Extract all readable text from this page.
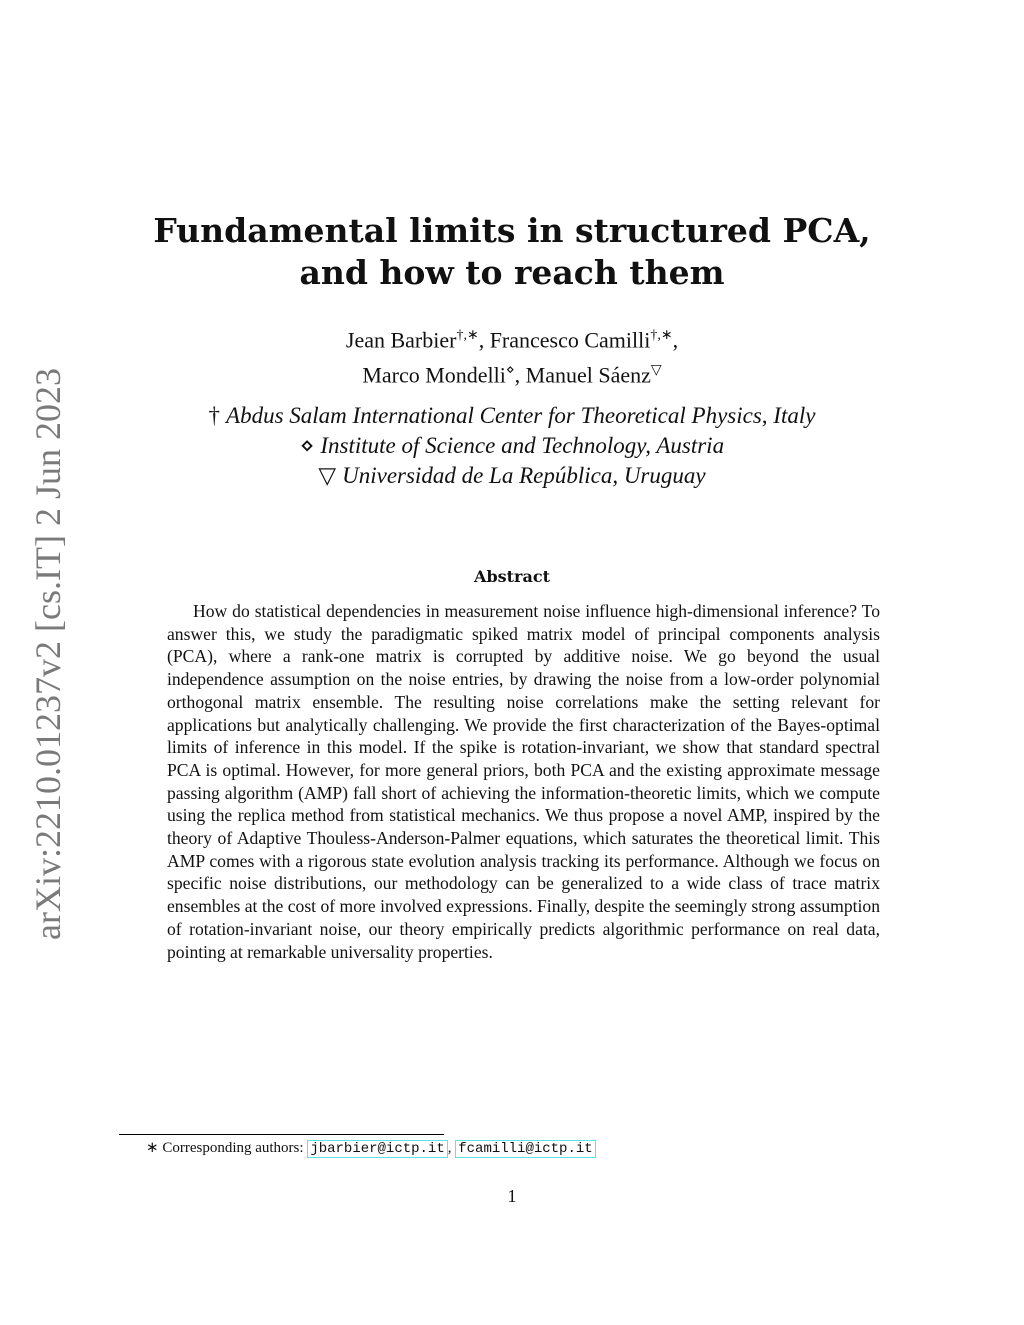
arXiv:2210.01237v2 [cs.IT] 2 Jun 2023
Fundamental limits in structured PCA,
and how to reach them
Jean Barbier†,∗, Francesco Camilli†,∗,
Marco Mondelli⋄, Manuel Sáenz▽
† Abdus Salam International Center for Theoretical Physics, Italy
⋄ Institute of Science and Technology, Austria
▽ Universidad de La República, Uruguay
Abstract
How do statistical dependencies in measurement noise influence high-dimensional inference? To answer this, we study the paradigmatic spiked matrix model of principal components analysis (PCA), where a rank-one matrix is corrupted by additive noise. We go beyond the usual independence assumption on the noise entries, by drawing the noise from a low-order polynomial orthogonal matrix ensemble. The resulting noise correlations make the setting relevant for applications but analytically challenging. We provide the first characterization of the Bayes-optimal limits of inference in this model. If the spike is rotation-invariant, we show that standard spectral PCA is optimal. However, for more general priors, both PCA and the existing approximate message passing algorithm (AMP) fall short of achieving the information-theoretic limits, which we compute using the replica method from statistical mechanics. We thus propose a novel AMP, inspired by the theory of Adaptive Thouless-Anderson-Palmer equations, which saturates the theoretical limit. This AMP comes with a rigorous state evolution analysis tracking its performance. Although we focus on specific noise distributions, our methodology can be generalized to a wide class of trace matrix ensembles at the cost of more involved expressions. Finally, despite the seemingly strong assumption of rotation-invariant noise, our theory empirically predicts algorithmic performance on real data, pointing at remarkable universality properties.
∗ Corresponding authors: jbarbier@ictp.it , fcamilli@ictp.it
1
